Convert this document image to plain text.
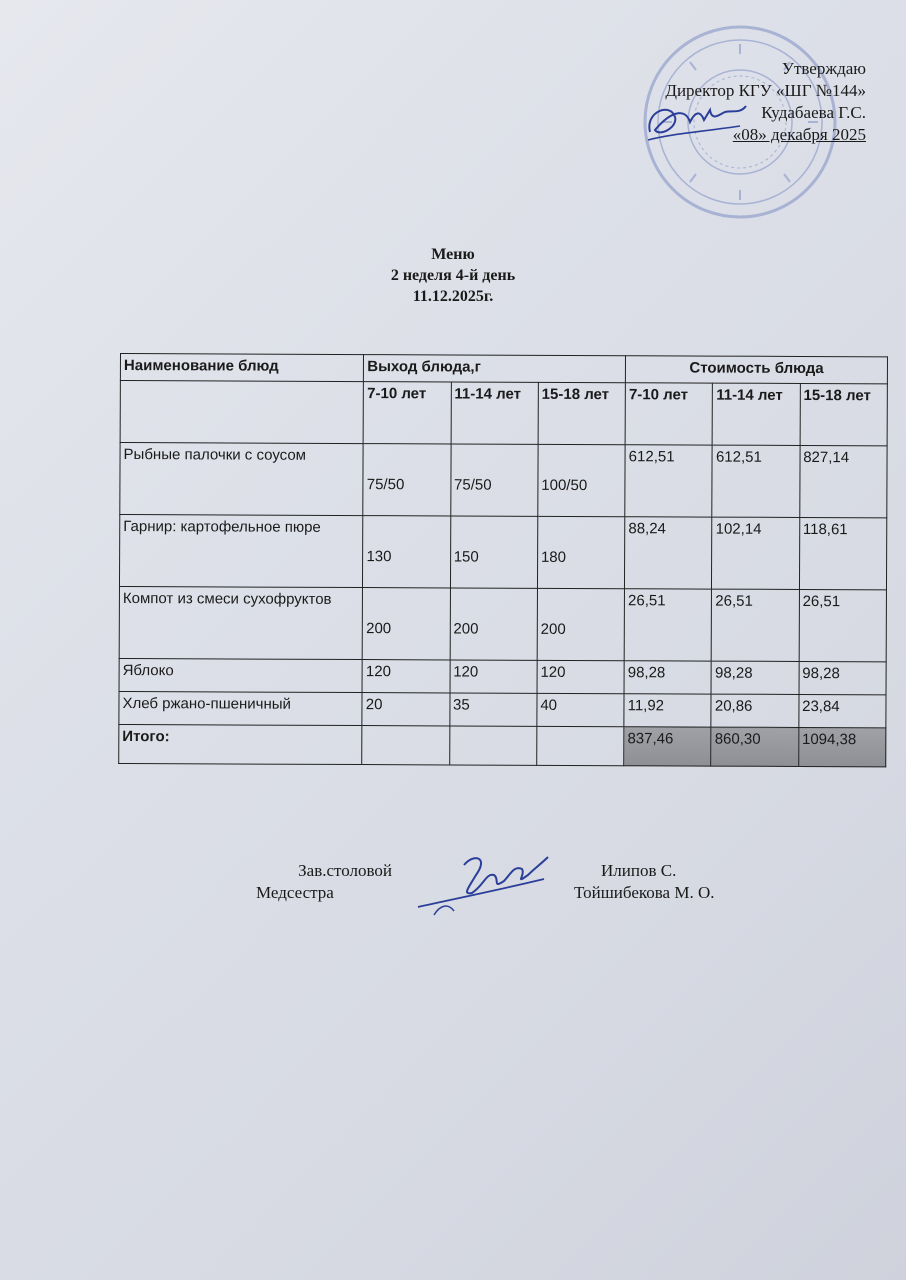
Утверждаю
Директор КГУ «ШГ №144»
Кудабаева Г.С.
«08» декабря 2025
Меню
2 неделя 4-й день
11.12.2025г.
Наименование блюд	Выход блюда,г			Стоимость блюда		
	7-10 лет	11-14 лет	15-18 лет	7-10 лет	11-14 лет	15-18 лет
Рыбные палочки с соусом	75/50	75/50	100/50	612,51	612,51	827,14
Гарнир: картофельное пюре	130	150	180	88,24	102,14	118,61
Компот из смеси сухофруктов	200	200	200	26,51	26,51	26,51
Яблоко	120	120	120	98,28	98,28	98,28
Хлеб ржано-пшеничный	20	35	40	11,92	20,86	23,84
Итого:				837,46	860,30	1094,38
Зав.столовой
Медсестра
Илипов С.
Тойшибекова М. О.
